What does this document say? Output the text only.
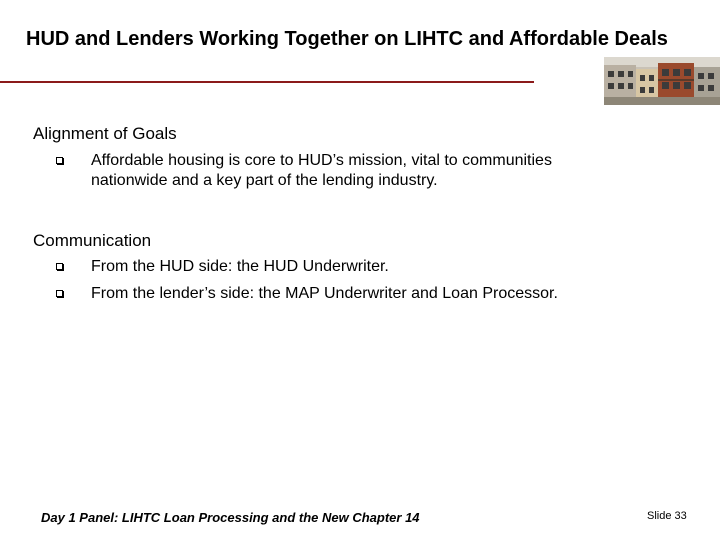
HUD and Lenders Working Together on LIHTC and Affordable Deals
Alignment of Goals
Affordable housing is core to HUD’s mission, vital to communities
nationwide and a key part of the lending industry.
Communication
From the HUD side: the HUD Underwriter.
From the lender’s side: the MAP Underwriter and Loan Processor.
Day 1 Panel: LIHTC Loan Processing and the New Chapter 14	Slide 33
